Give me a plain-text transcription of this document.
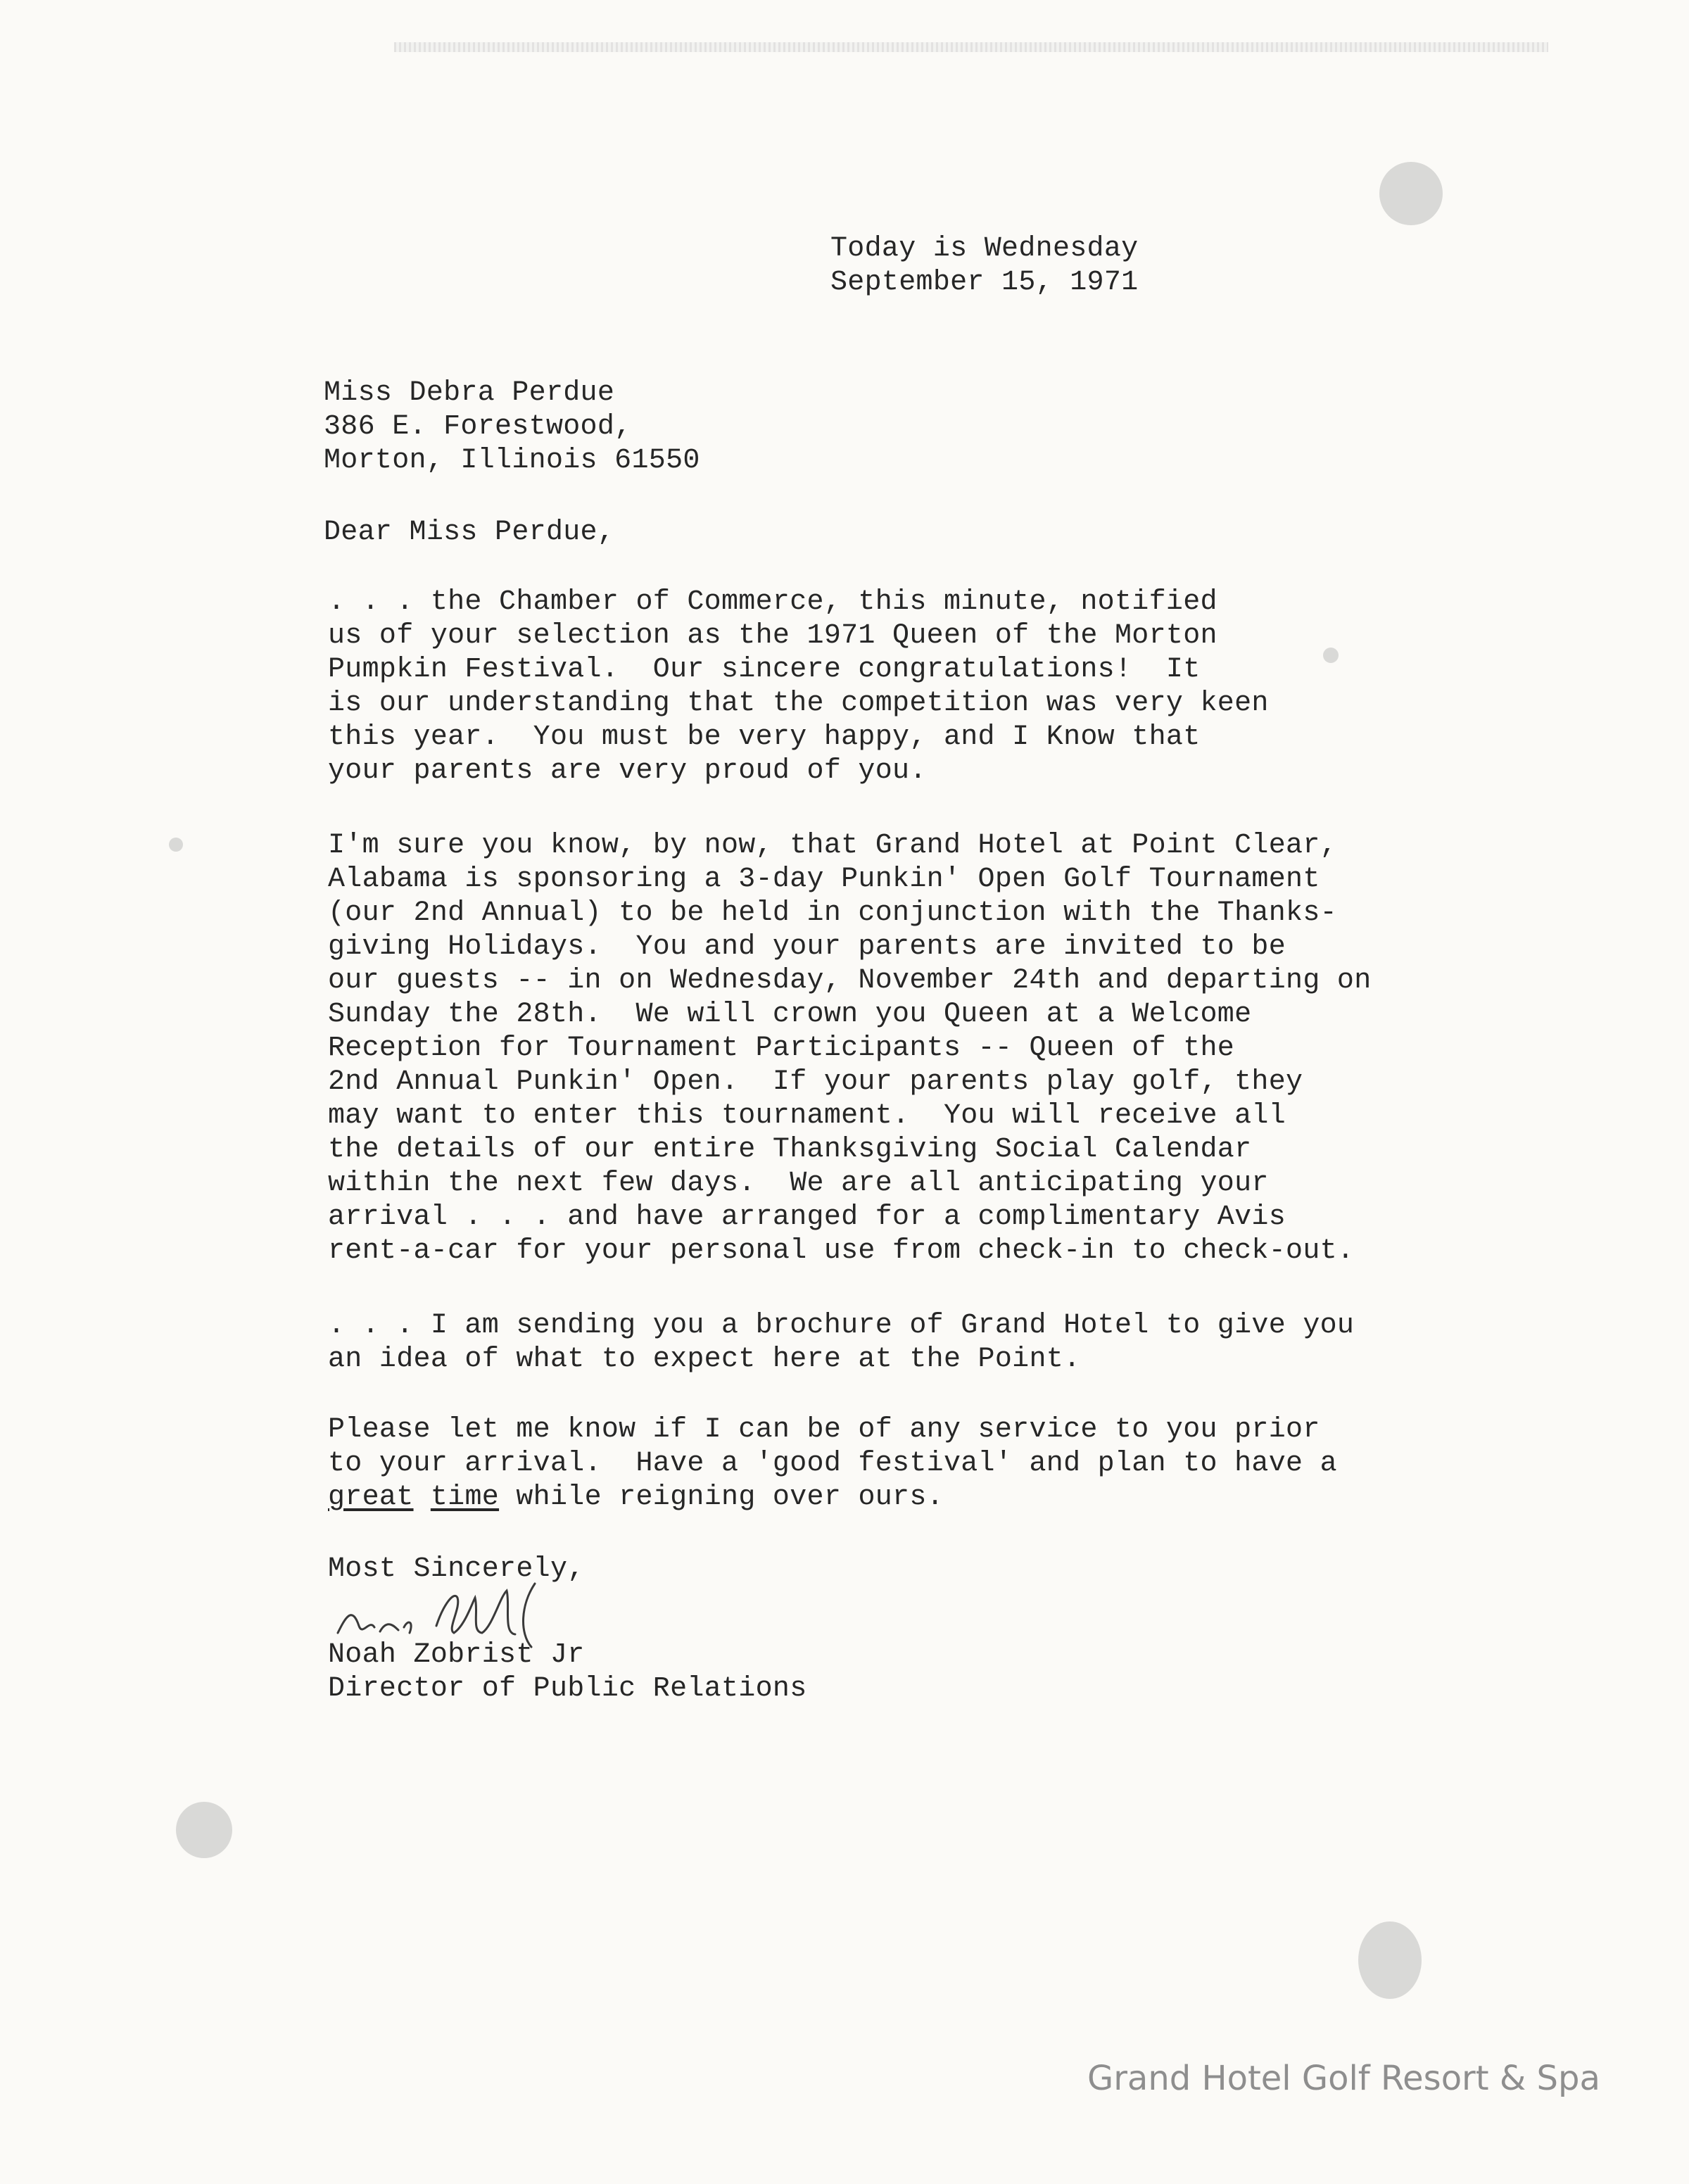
Today is Wednesday
September 15, 1971
Miss Debra Perdue
386 E. Forestwood,
Morton, Illinois 61550
Dear Miss Perdue,
. . . the Chamber of Commerce, this minute, notified
us of your selection as the 1971 Queen of the Morton
Pumpkin Festival.  Our sincere congratulations!  It
is our understanding that the competition was very keen
this year.  You must be very happy, and I Know that
your parents are very proud of you.
I'm sure you know, by now, that Grand Hotel at Point Clear,
Alabama is sponsoring a 3-day Punkin' Open Golf Tournament
(our 2nd Annual) to be held in conjunction with the Thanks-
giving Holidays.  You and your parents are invited to be
our guests -- in on Wednesday, November 24th and departing on
Sunday the 28th.  We will crown you Queen at a Welcome
Reception for Tournament Participants -- Queen of the
2nd Annual Punkin' Open.  If your parents play golf, they
may want to enter this tournament.  You will receive all
the details of our entire Thanksgiving Social Calendar
within the next few days.  We are all anticipating your
arrival . . . and have arranged for a complimentary Avis
rent-a-car for your personal use from check-in to check-out.
. . . I am sending you a brochure of Grand Hotel to give you
an idea of what to expect here at the Point.
Please let me know if I can be of any service to you prior
to your arrival.  Have a 'good festival' and plan to have a
great time while reigning over ours.
Most Sincerely,
Noah Zobrist Jr
Director of Public Relations
Grand Hotel Golf Resort & Spa
